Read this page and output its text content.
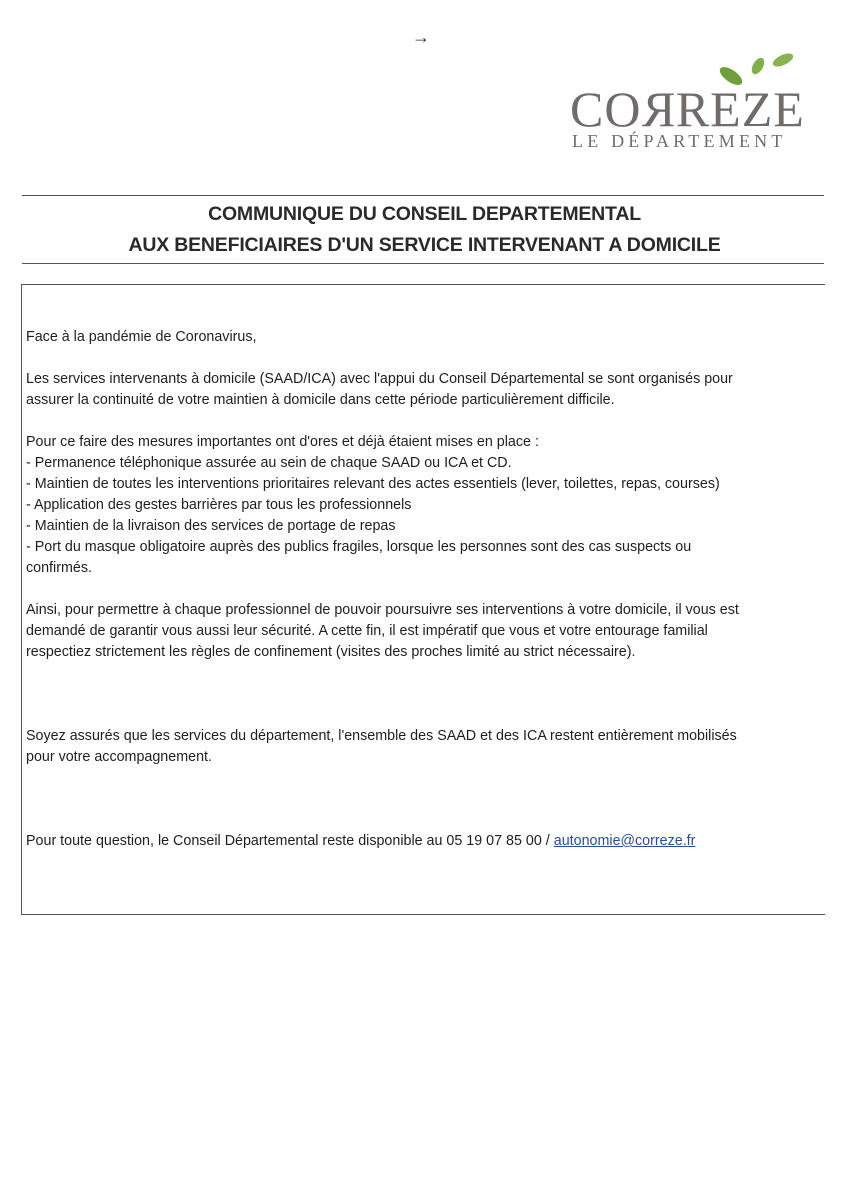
→
CORREZE
LE DÉPARTEMENT
COMMUNIQUE DU CONSEIL DEPARTEMENTAL
AUX BENEFICIAIRES D'UN SERVICE INTERVENANT A DOMICILE
Face à la pandémie de Coronavirus,
Les services intervenants à domicile (SAAD/ICA) avec l'appui du Conseil Départemental se sont organisés pour
assurer la continuité de votre maintien à domicile dans cette période particulièrement difficile.
Pour ce faire des mesures importantes ont d'ores et déjà étaient mises en place :
- Permanence téléphonique assurée au sein de chaque SAAD ou ICA et CD.
- Maintien de toutes les interventions prioritaires relevant des actes essentiels (lever, toilettes, repas, courses)
- Application des gestes barrières par tous les professionnels
- Maintien de la livraison des services de portage de repas
- Port du masque obligatoire auprès des publics fragiles, lorsque les personnes sont des cas suspects ou
confirmés.
Ainsi, pour permettre à chaque professionnel de pouvoir poursuivre ses interventions à votre domicile, il vous est
demandé de garantir vous aussi leur sécurité. A cette fin, il est impératif que vous et votre entourage familial
respectiez strictement les règles de confinement (visites des proches limité au strict nécessaire).
Soyez assurés que les services du département, l'ensemble des SAAD et des ICA restent entièrement mobilisés
pour votre accompagnement.
Pour toute question, le Conseil Départemental reste disponible au 05 19 07 85 00 / autonomie@correze.fr
